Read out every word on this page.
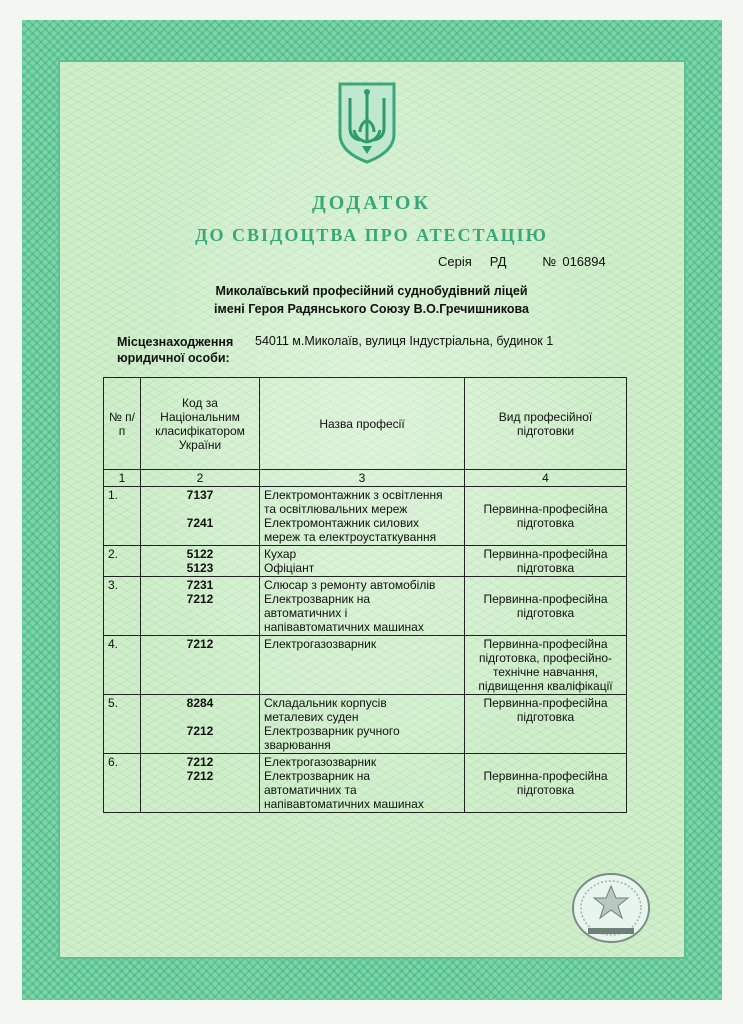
ДОДАТОК
ДО СВІДОЦТВА ПРО АТЕСТАЦІЮ
Серія РД	№ 016894
Миколаївський професійний суднобудівний ліцей
імені Героя Радянського Союзу В.О.Гречишникова
Місцезнаходження
юридичної особи:
54011 м.Миколаїв, вулиця Індустріальна, будинок 1
№ п/п	Код за Національним класифікатором України	Назва професії	Вид професійної підготовки
1	2	3	4
1.	7137
7241	Електромонтажник з освітлення
та освітлювальних мереж
Електромонтажник силових
мереж та електроустаткування	Первинна-професійна
підготовка

2.	5122
5123	Кухар
Офіціант	Первинна-професійна
підготовка

3.	7231
7212	Слюсар з ремонту автомобілів
Електрозварник на
автоматичних і
напівавтоматичних машинах	Первинна-професійна
підготовка

4.	7212	Електрогазозварник	Первинна-професійна
підготовка, професійно-
технічне навчання,
підвищення кваліфікації

5.	8284
7212	Складальник корпусів
металевих суден
Електрозварник ручного
зварювання	Первинна-професійна
підготовка

6.	7212
7212	Електрогазозварник
Електрозварник на
автоматичних та
напівавтоматичних машинах	Первинна-професійна
підготовка
